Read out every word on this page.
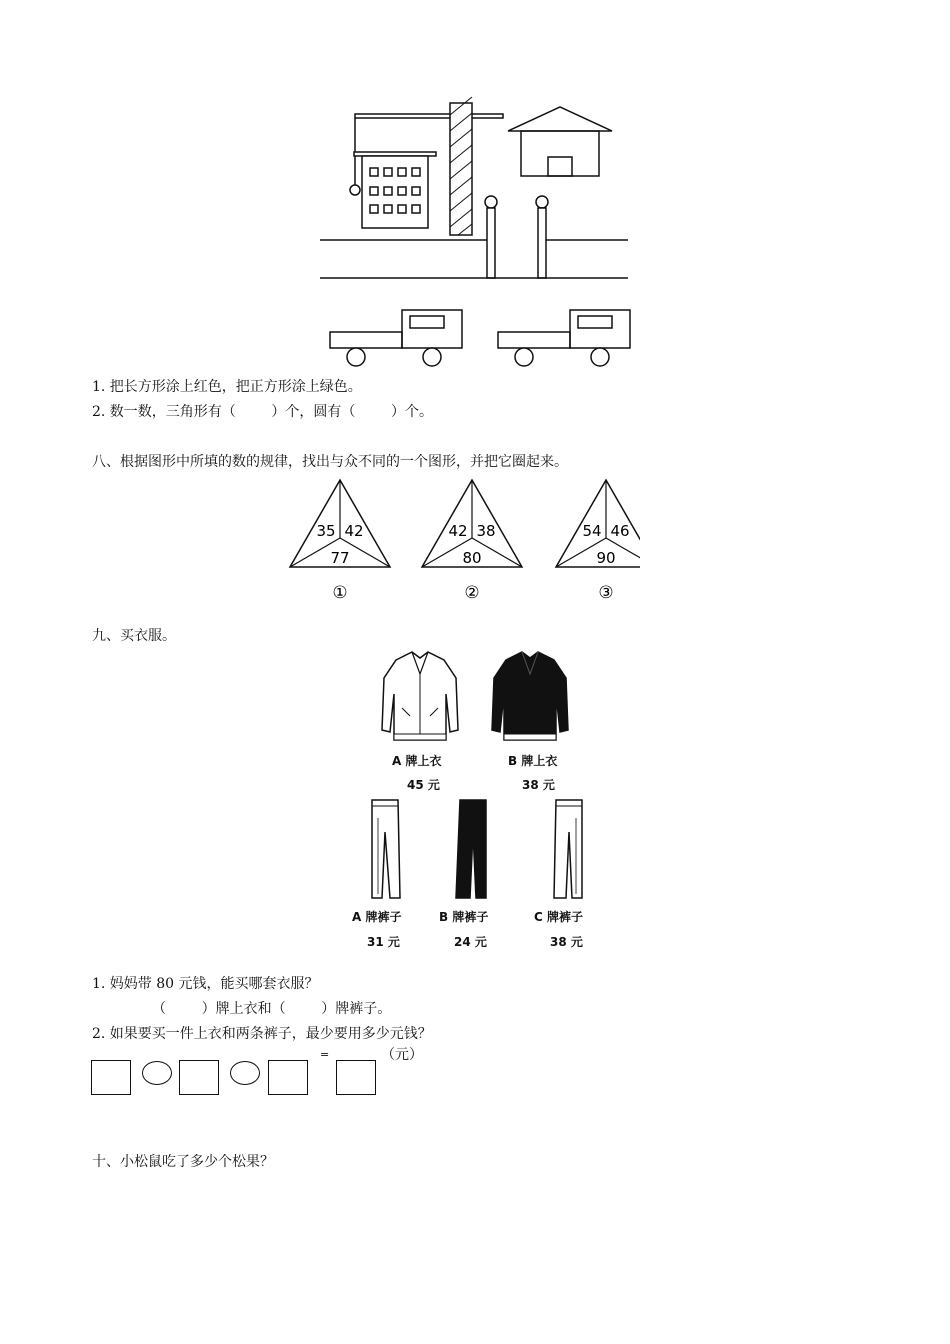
1. 把长方形涂上红色，把正方形涂上绿色。
2. 数一数，三角形有（        ）个，圆有（        ）个。
八、根据图形中所填的数的规律，找出与众不同的一个图形，并把它圈起来。
35 42
77
①
42 38
80
②
54 46
90
③
九、买衣服。
A 牌上衣
45 元
B 牌上衣
38 元
A 牌裤子
31 元
B 牌裤子
24 元
C 牌裤子
38 元
1. 妈妈带 80 元钱，能买哪套衣服？
（        ）牌上衣和（        ）牌裤子。
2. 如果要买一件上衣和两条裤子，最少要用多少元钱？
=	（元）
十、小松鼠吃了多少个松果？
